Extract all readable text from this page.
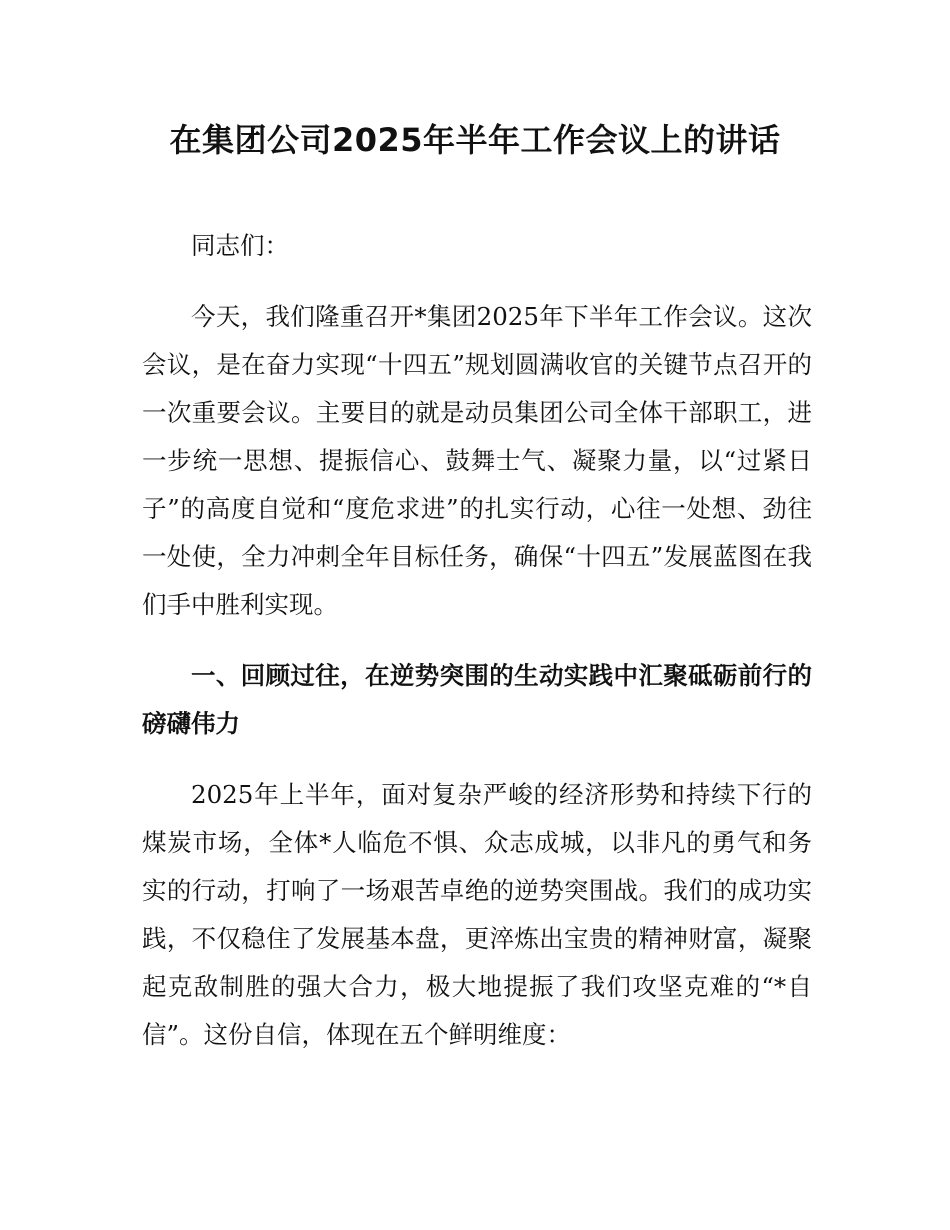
在集团公司2025年半年工作会议上的讲话

同志们：

今天，我们隆重召开*集团2025年下半年工作会议。这次会议，是在奋力实现“十四五”规划圆满收官的关键节点召开的一次重要会议。主要目的就是动员集团公司全体干部职工，进一步统一思想、提振信心、鼓舞士气、凝聚力量，以“过紧日子”的高度自觉和“度危求进”的扎实行动，心往一处想、劲往一处使，全力冲刺全年目标任务，确保“十四五”发展蓝图在我们手中胜利实现。

一、回顾过往，在逆势突围的生动实践中汇聚砥砺前行的磅礴伟力

2025年上半年，面对复杂严峻的经济形势和持续下行的煤炭市场，全体*人临危不惧、众志成城，以非凡的勇气和务实的行动，打响了一场艰苦卓绝的逆势突围战。我们的成功实践，不仅稳住了发展基本盘，更淬炼出宝贵的精神财富，凝聚起克敌制胜的强大合力，极大地提振了我们攻坚克难的“*自信”。这份自信，体现在五个鲜明维度：
